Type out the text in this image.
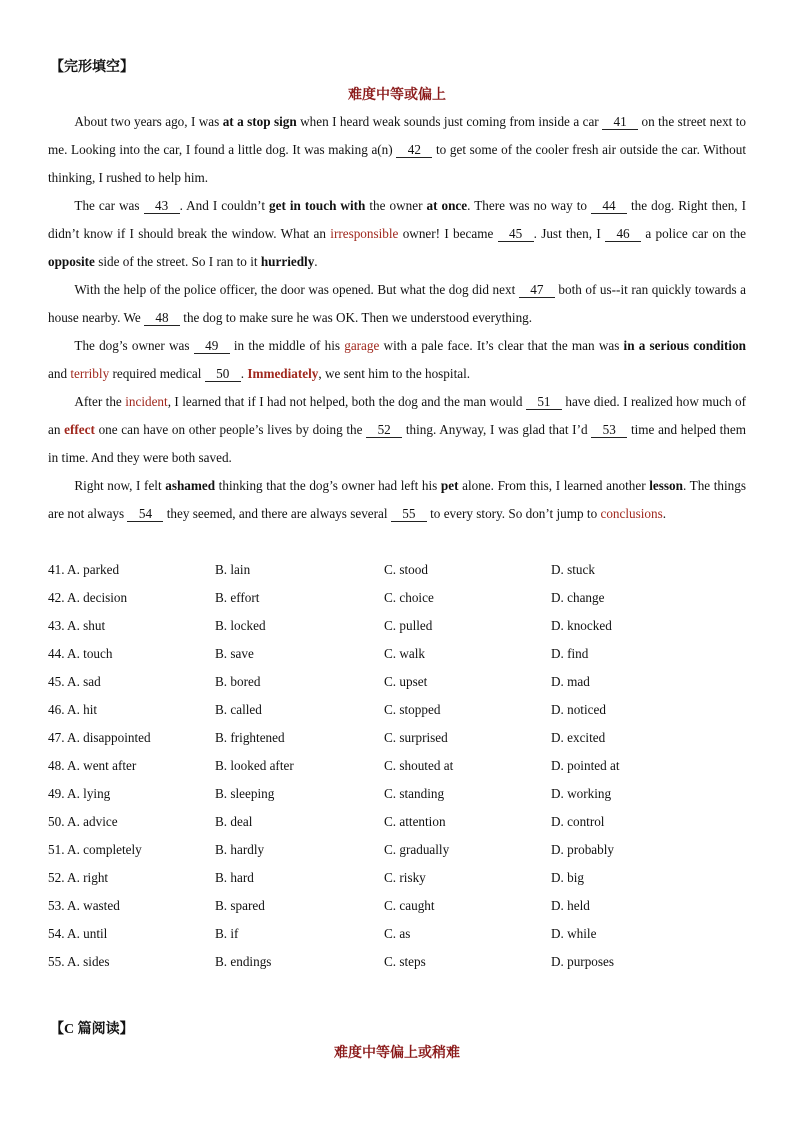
【完形填空】
难度中等或偏上

About two years ago, I was at a stop sign when I heard weak sounds just coming from inside a car 41 on the street next to me. Looking into the car, I found a little dog. It was making a(n) 42 to get some of the cooler fresh air outside the car. Without thinking, I rushed to help him.

The car was 43 . And I couldn’t get in touch with the owner at once. There was no way to 44 the dog. Right then, I didn’t know if I should break the window. What an irresponsible owner! I became 45 . Just then, I 46 a police car on the opposite side of the street. So I ran to it hurriedly.

With the help of the police officer, the door was opened. But what the dog did next 47 both of us--it ran quickly towards a house nearby. We 48 the dog to make sure he was OK. Then we understood everything.

The dog’s owner was 49 in the middle of his garage with a pale face. It’s clear that the man was in a serious condition and terribly required medical 50 . Immediately, we sent him to the hospital.

After the incident, I learned that if I had not helped, both the dog and the man would 51 have died. I realized how much of an effect one can have on other people’s lives by doing the 52 thing. Anyway, I was glad that I’d 53 time and helped them in time. And they were both saved.

Right now, I felt ashamed thinking that the dog’s owner had left his pet alone. From this, I learned another lesson. The things are not always 54 they seemed, and there are always several 55 to every story. So don’t jump to conclusions.

41. A. parked	B. lain	C. stood	D. stuck
42. A. decision	B. effort	C. choice	D. change
43. A. shut	B. locked	C. pulled	D. knocked
44. A. touch	B. save	C. walk	D. find
45. A. sad	B. bored	C. upset	D. mad
46. A. hit	B. called	C. stopped	D. noticed
47. A. disappointed	B. frightened	C. surprised	D. excited
48. A. went after	B. looked after	C. shouted at	D. pointed at
49. A. lying	B. sleeping	C. standing	D. working
50. A. advice	B. deal	C. attention	D. control
51. A. completely	B. hardly	C. gradually	D. probably
52. A. right	B. hard	C. risky	D. big
53. A. wasted	B. spared	C. caught	D. held
54. A. until	B. if	C. as	D. while
55. A. sides	B. endings	C. steps	D. purposes
【C 篇阅读】
难度中等偏上或稍难
